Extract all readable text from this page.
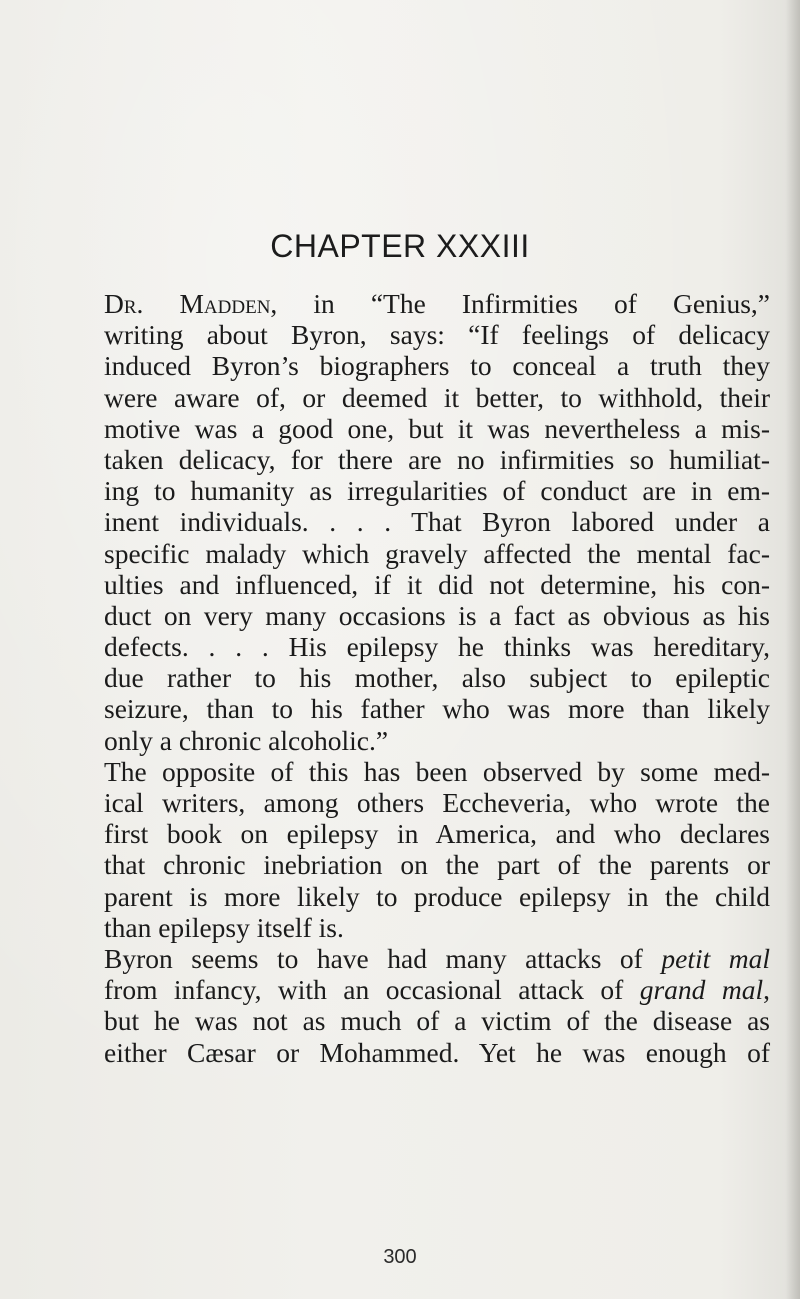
CHAPTER XXXIII
Dr. Madden, in “The Infirmities of Genius,”
writing about Byron, says: “If feelings of delicacy
induced Byron’s biographers to conceal a truth they
were aware of, or deemed it better, to withhold, their
motive was a good one, but it was nevertheless a mis-
taken delicacy, for there are no infirmities so humiliat-
ing to humanity as irregularities of conduct are in em-
inent individuals. . . . That Byron labored under a
specific malady which gravely affected the mental fac-
ulties and influenced, if it did not determine, his con-
duct on very many occasions is a fact as obvious as his
defects. . . . His epilepsy he thinks was hereditary,
due rather to his mother, also subject to epileptic
seizure, than to his father who was more than likely
only a chronic alcoholic.”
The opposite of this has been observed by some med-
ical writers, among others Eccheveria, who wrote the
first book on epilepsy in America, and who declares
that chronic inebriation on the part of the parents or
parent is more likely to produce epilepsy in the child
than epilepsy itself is.
Byron seems to have had many attacks of petit mal
from infancy, with an occasional attack of grand mal,
but he was not as much of a victim of the disease as
either Cæsar or Mohammed. Yet he was enough of
300
